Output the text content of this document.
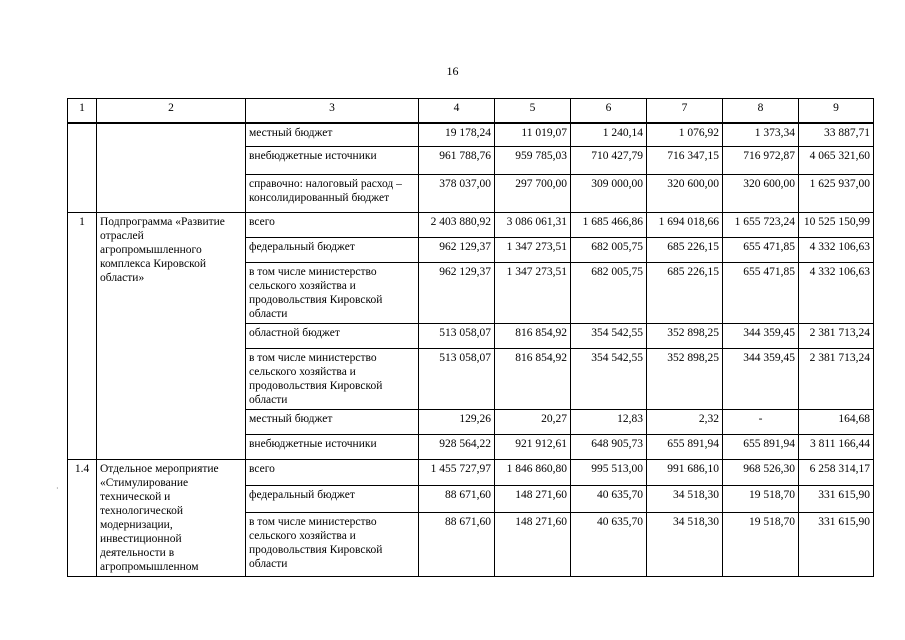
16
·
1	2	3	4	5	6	7	8	9
		местный бюджет	19 178,24	11 019,07	1 240,14	1 076,92	1 373,34	33 887,71
		внебюджетные источники	961 788,76	959 785,03	710 427,79	716 347,15	716 972,87	4 065 321,60
		справочно: налоговый расход – консолидированный бюджет	378 037,00	297 700,00	309 000,00	320 600,00	320 600,00	1 625 937,00
1	Подпрограмма «Развитие отраслей агропромышленного комплекса Кировской области»	всего	2 403 880,92	3 086 061,31	1 685 466,86	1 694 018,66	1 655 723,24	10 525 150,99
		федеральный бюджет	962 129,37	1 347 273,51	682 005,75	685 226,15	655 471,85	4 332 106,63
		в том числе министерство сельского хозяйства и продовольствия Кировской области	962 129,37	1 347 273,51	682 005,75	685 226,15	655 471,85	4 332 106,63
		областной бюджет	513 058,07	816 854,92	354 542,55	352 898,25	344 359,45	2 381 713,24
		в том числе министерство сельского хозяйства и продовольствия Кировской области	513 058,07	816 854,92	354 542,55	352 898,25	344 359,45	2 381 713,24
		местный бюджет	129,26	20,27	12,83	2,32	-	164,68
		внебюджетные источники	928 564,22	921 912,61	648 905,73	655 891,94	655 891,94	3 811 166,44
1.4	Отдельное мероприятие «Стимулирование технической и технологической модернизации, инвестиционной деятельности в агропромышленном	всего	1 455 727,97	1 846 860,80	995 513,00	991 686,10	968 526,30	6 258 314,17
		федеральный бюджет	88 671,60	148 271,60	40 635,70	34 518,30	19 518,70	331 615,90
		в том числе министерство сельского хозяйства и продовольствия Кировской области	88 671,60	148 271,60	40 635,70	34 518,30	19 518,70	331 615,90
